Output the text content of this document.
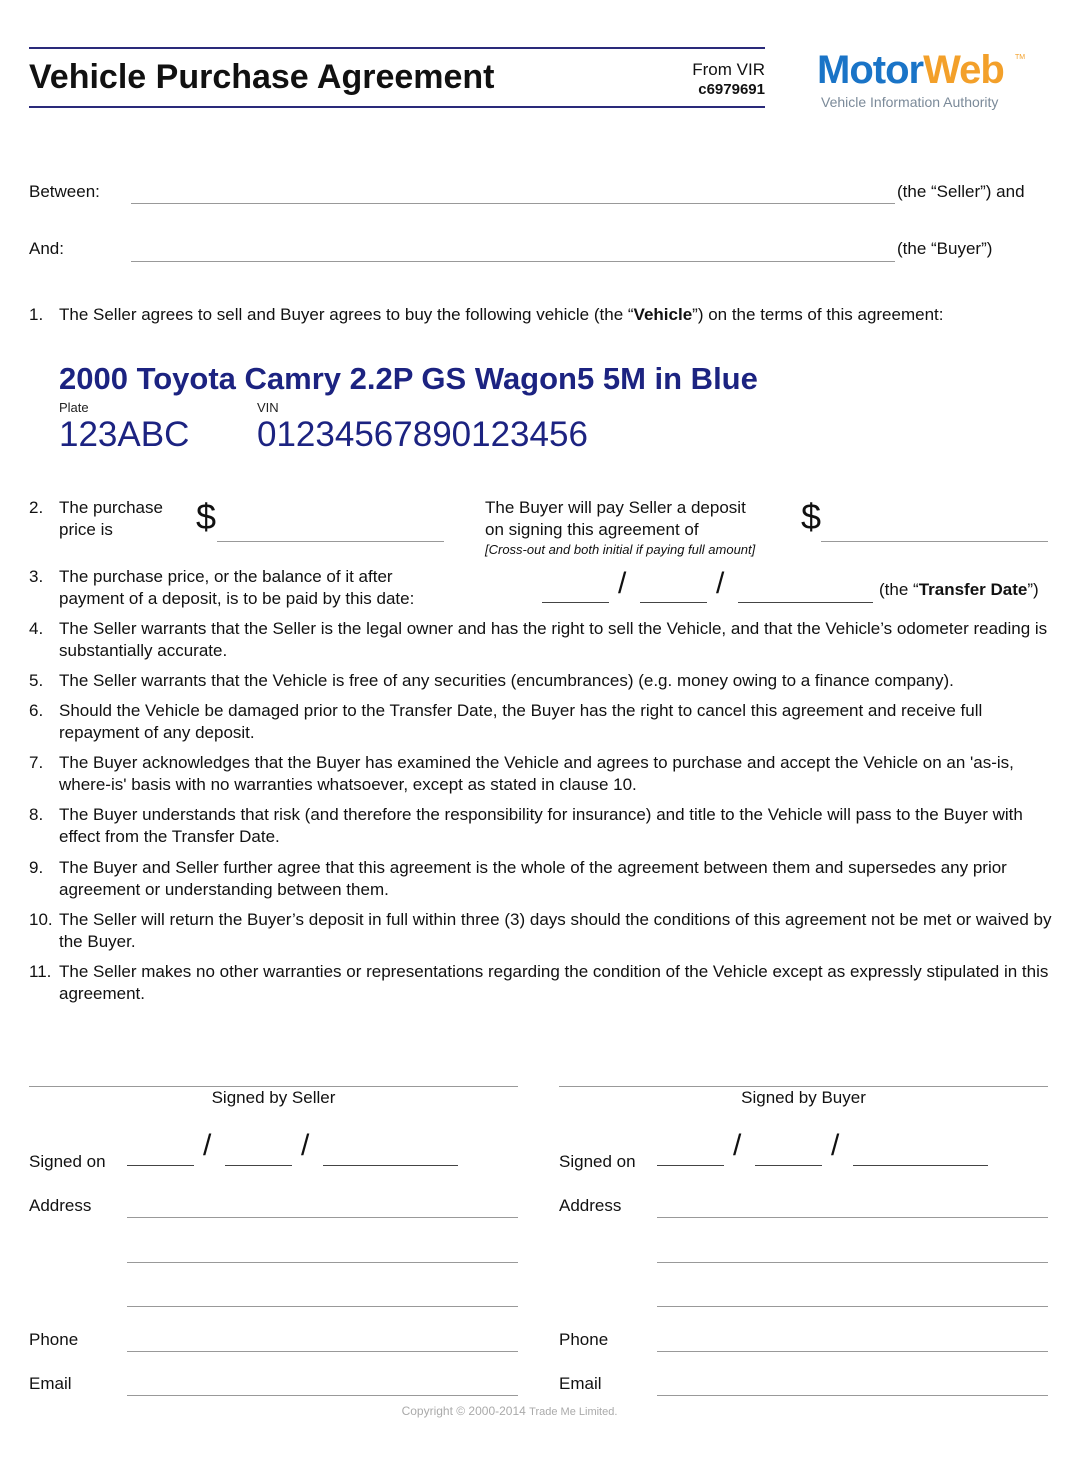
Vehicle Purchase Agreement	From VIR
c6979691 MotorWeb TM
Vehicle Information Authority
Between:	(the “Seller”) and
And:	(the “Buyer”)
1. The Seller agrees to sell and Buyer agrees to buy the following vehicle (the “Vehicle”) on the terms of this agreement:
2000 Toyota Camry 2.2P GS Wagon5 5M in Blue
Plate
123ABC
VIN
01234567890123456
2. The purchase
price is $	The Buyer will pay Seller a deposit
on signing this agreement of
[Cross-out and both initial if paying full amount]
$
3. The purchase price, or the balance of it after
payment of a deposit, is to be paid by this date:	/	/	(the “Transfer Date”)
4. The Seller warrants that the Seller is the legal owner and has the right to sell the Vehicle, and that the Vehicle’s odometer reading is substantially accurate.
5. The Seller warrants that the Vehicle is free of any securities (encumbrances) (e.g. money owing to a finance company).
6. Should the Vehicle be damaged prior to the Transfer Date, the Buyer has the right to cancel this agreement and receive full repayment of any deposit.
7. The Buyer acknowledges that the Buyer has examined the Vehicle and agrees to purchase and accept the Vehicle on an 'as-is, where-is' basis with no warranties whatsoever, except as stated in clause 10.
8. The Buyer understands that risk (and therefore the responsibility for insurance) and title to the Vehicle will pass to the Buyer with effect from the Transfer Date.
9. The Buyer and Seller further agree that this agreement is the whole of the agreement between them and supersedes any prior agreement or understanding between them.
10. The Seller will return the Buyer’s deposit in full within three (3) days should the conditions of this agreement not be met or waived by the Buyer.
11. The Seller makes no other warranties or representations regarding the condition of the Vehicle except as expressly stipulated in this agreement.
Signed by Seller
Signed on	/	/
Address
Phone
Email
Signed by Buyer
Signed on	/	/
Address
Phone
Email
Copyright © 2000-2014 Trade Me Limited.
